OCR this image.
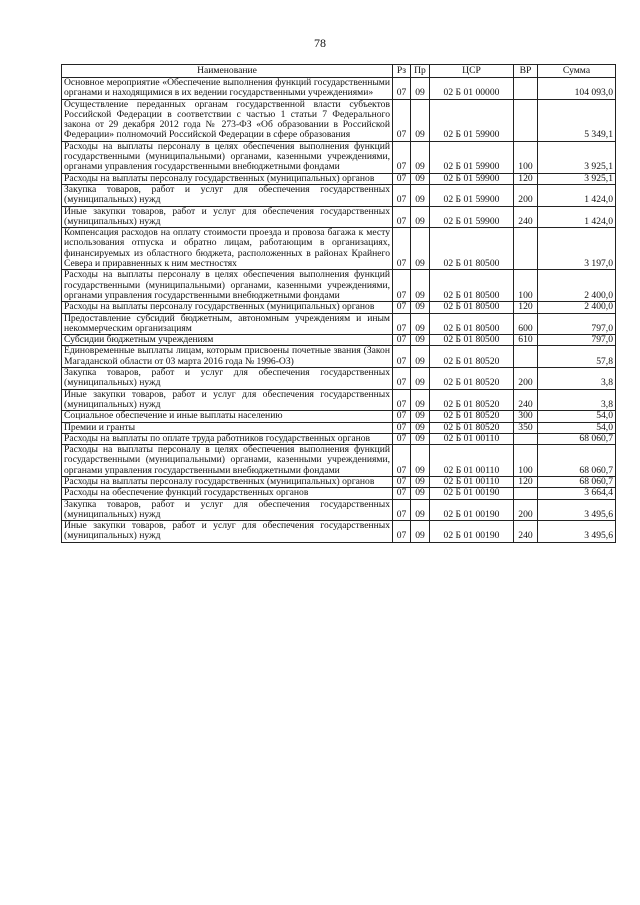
78
Наименование	Рз	Пр	ЦСР	ВР	Сумма
Основное мероприятие «Обеспечение выполнения функций государственными органами и находящимися в их ведении государственными учреждениями»	07	09	02 Б 01 00000		104 093,0
Осуществление переданных органам государственной власти субъектов Российской Федерации в соответствии с частью 1 статьи 7 Федерального закона от 29 декабря 2012 года № 273-ФЗ «Об образовании в Российской Федерации» полномочий Российской Федерации в сфере образования	07	09	02 Б 01 59900		5 349,1
Расходы на выплаты персоналу в целях обеспечения выполнения функций государственными (муниципальными) органами, казенными учреждениями, органами управления государственными внебюджетными фондами	07	09	02 Б 01 59900	100	3 925,1
Расходы на выплаты персоналу государственных (муниципальных) органов	07	09	02 Б 01 59900	120	3 925,1
Закупка товаров, работ и услуг для обеспечения государственных (муниципальных) нужд	07	09	02 Б 01 59900	200	1 424,0
Иные закупки товаров, работ и услуг для обеспечения государственных (муниципальных) нужд	07	09	02 Б 01 59900	240	1 424,0
Компенсация расходов на оплату стоимости проезда и провоза багажа к месту использования отпуска и обратно лицам, работающим в организациях, финансируемых из областного бюджета, расположенных в районах Крайнего Севера и приравненных к ним местностях	07	09	02 Б 01 80500		3 197,0
Расходы на выплаты персоналу в целях обеспечения выполнения функций государственными (муниципальными) органами, казенными учреждениями, органами управления государственными внебюджетными фондами	07	09	02 Б 01 80500	100	2 400,0
Расходы на выплаты персоналу государственных (муниципальных) органов	07	09	02 Б 01 80500	120	2 400,0
Предоставление субсидий бюджетным, автономным учреждениям и иным некоммерческим организациям	07	09	02 Б 01 80500	600	797,0
Субсидии бюджетным учреждениям	07	09	02 Б 01 80500	610	797,0
Единовременные выплаты лицам, которым присвоены почетные звания (Закон Магаданской области от 03 марта 2016 года № 1996-ОЗ)	07	09	02 Б 01 80520		57,8
Закупка товаров, работ и услуг для обеспечения государственных (муниципальных) нужд	07	09	02 Б 01 80520	200	3,8
Иные закупки товаров, работ и услуг для обеспечения государственных (муниципальных) нужд	07	09	02 Б 01 80520	240	3,8
Социальное обеспечение и иные выплаты населению	07	09	02 Б 01 80520	300	54,0
Премии и гранты	07	09	02 Б 01 80520	350	54,0
Расходы на выплаты по оплате труда работников государственных органов	07	09	02 Б 01 00110		68 060,7
Расходы на выплаты персоналу в целях обеспечения выполнения функций государственными (муниципальными) органами, казенными учреждениями, органами управления государственными внебюджетными фондами	07	09	02 Б 01 00110	100	68 060,7
Расходы на выплаты персоналу государственных (муниципальных) органов	07	09	02 Б 01 00110	120	68 060,7
Расходы на обеспечение функций государственных органов	07	09	02 Б 01 00190		3 664,4
Закупка товаров, работ и услуг для обеспечения государственных (муниципальных) нужд	07	09	02 Б 01 00190	200	3 495,6
Иные закупки товаров, работ и услуг для обеспечения государственных (муниципальных) нужд	07	09	02 Б 01 00190	240	3 495,6
